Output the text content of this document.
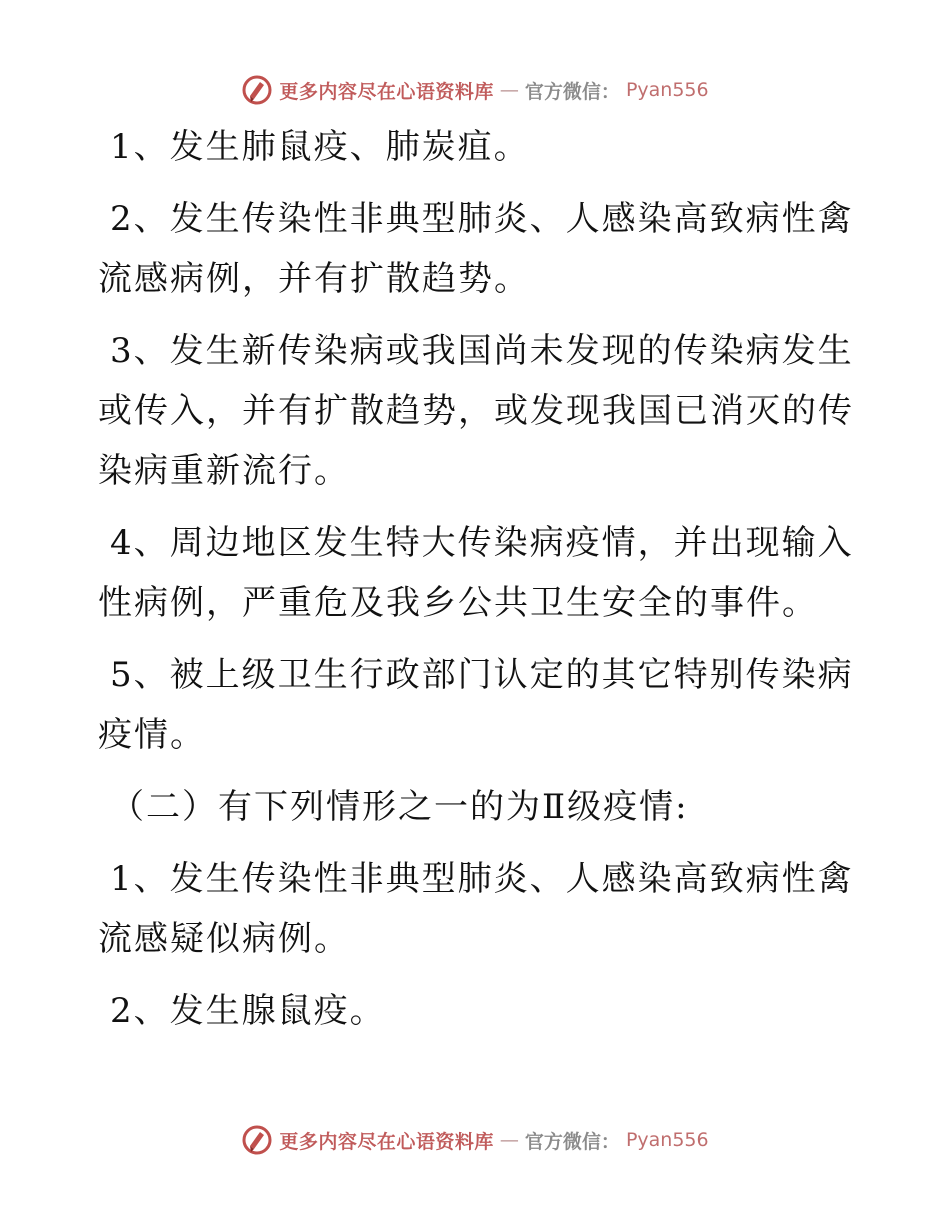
更多内容尽在心语资料库 — 官方微信： Pyan556

1、发生肺鼠疫、肺炭疽。

2、发生传染性非典型肺炎、人感染高致病性禽流感病例，并有扩散趋势。

3、发生新传染病或我国尚未发现的传染病发生或传入，并有扩散趋势，或发现我国已消灭的传染病重新流行。

4、周边地区发生特大传染病疫情，并出现输入性病例，严重危及我乡公共卫生安全的事件。

5、被上级卫生行政部门认定的其它特别传染病疫情。

（二）有下列情形之一的为Ⅱ级疫情:

1、发生传染性非典型肺炎、人感染高致病性禽流感疑似病例。

2、发生腺鼠疫。

更多内容尽在心语资料库 — 官方微信： Pyan556
